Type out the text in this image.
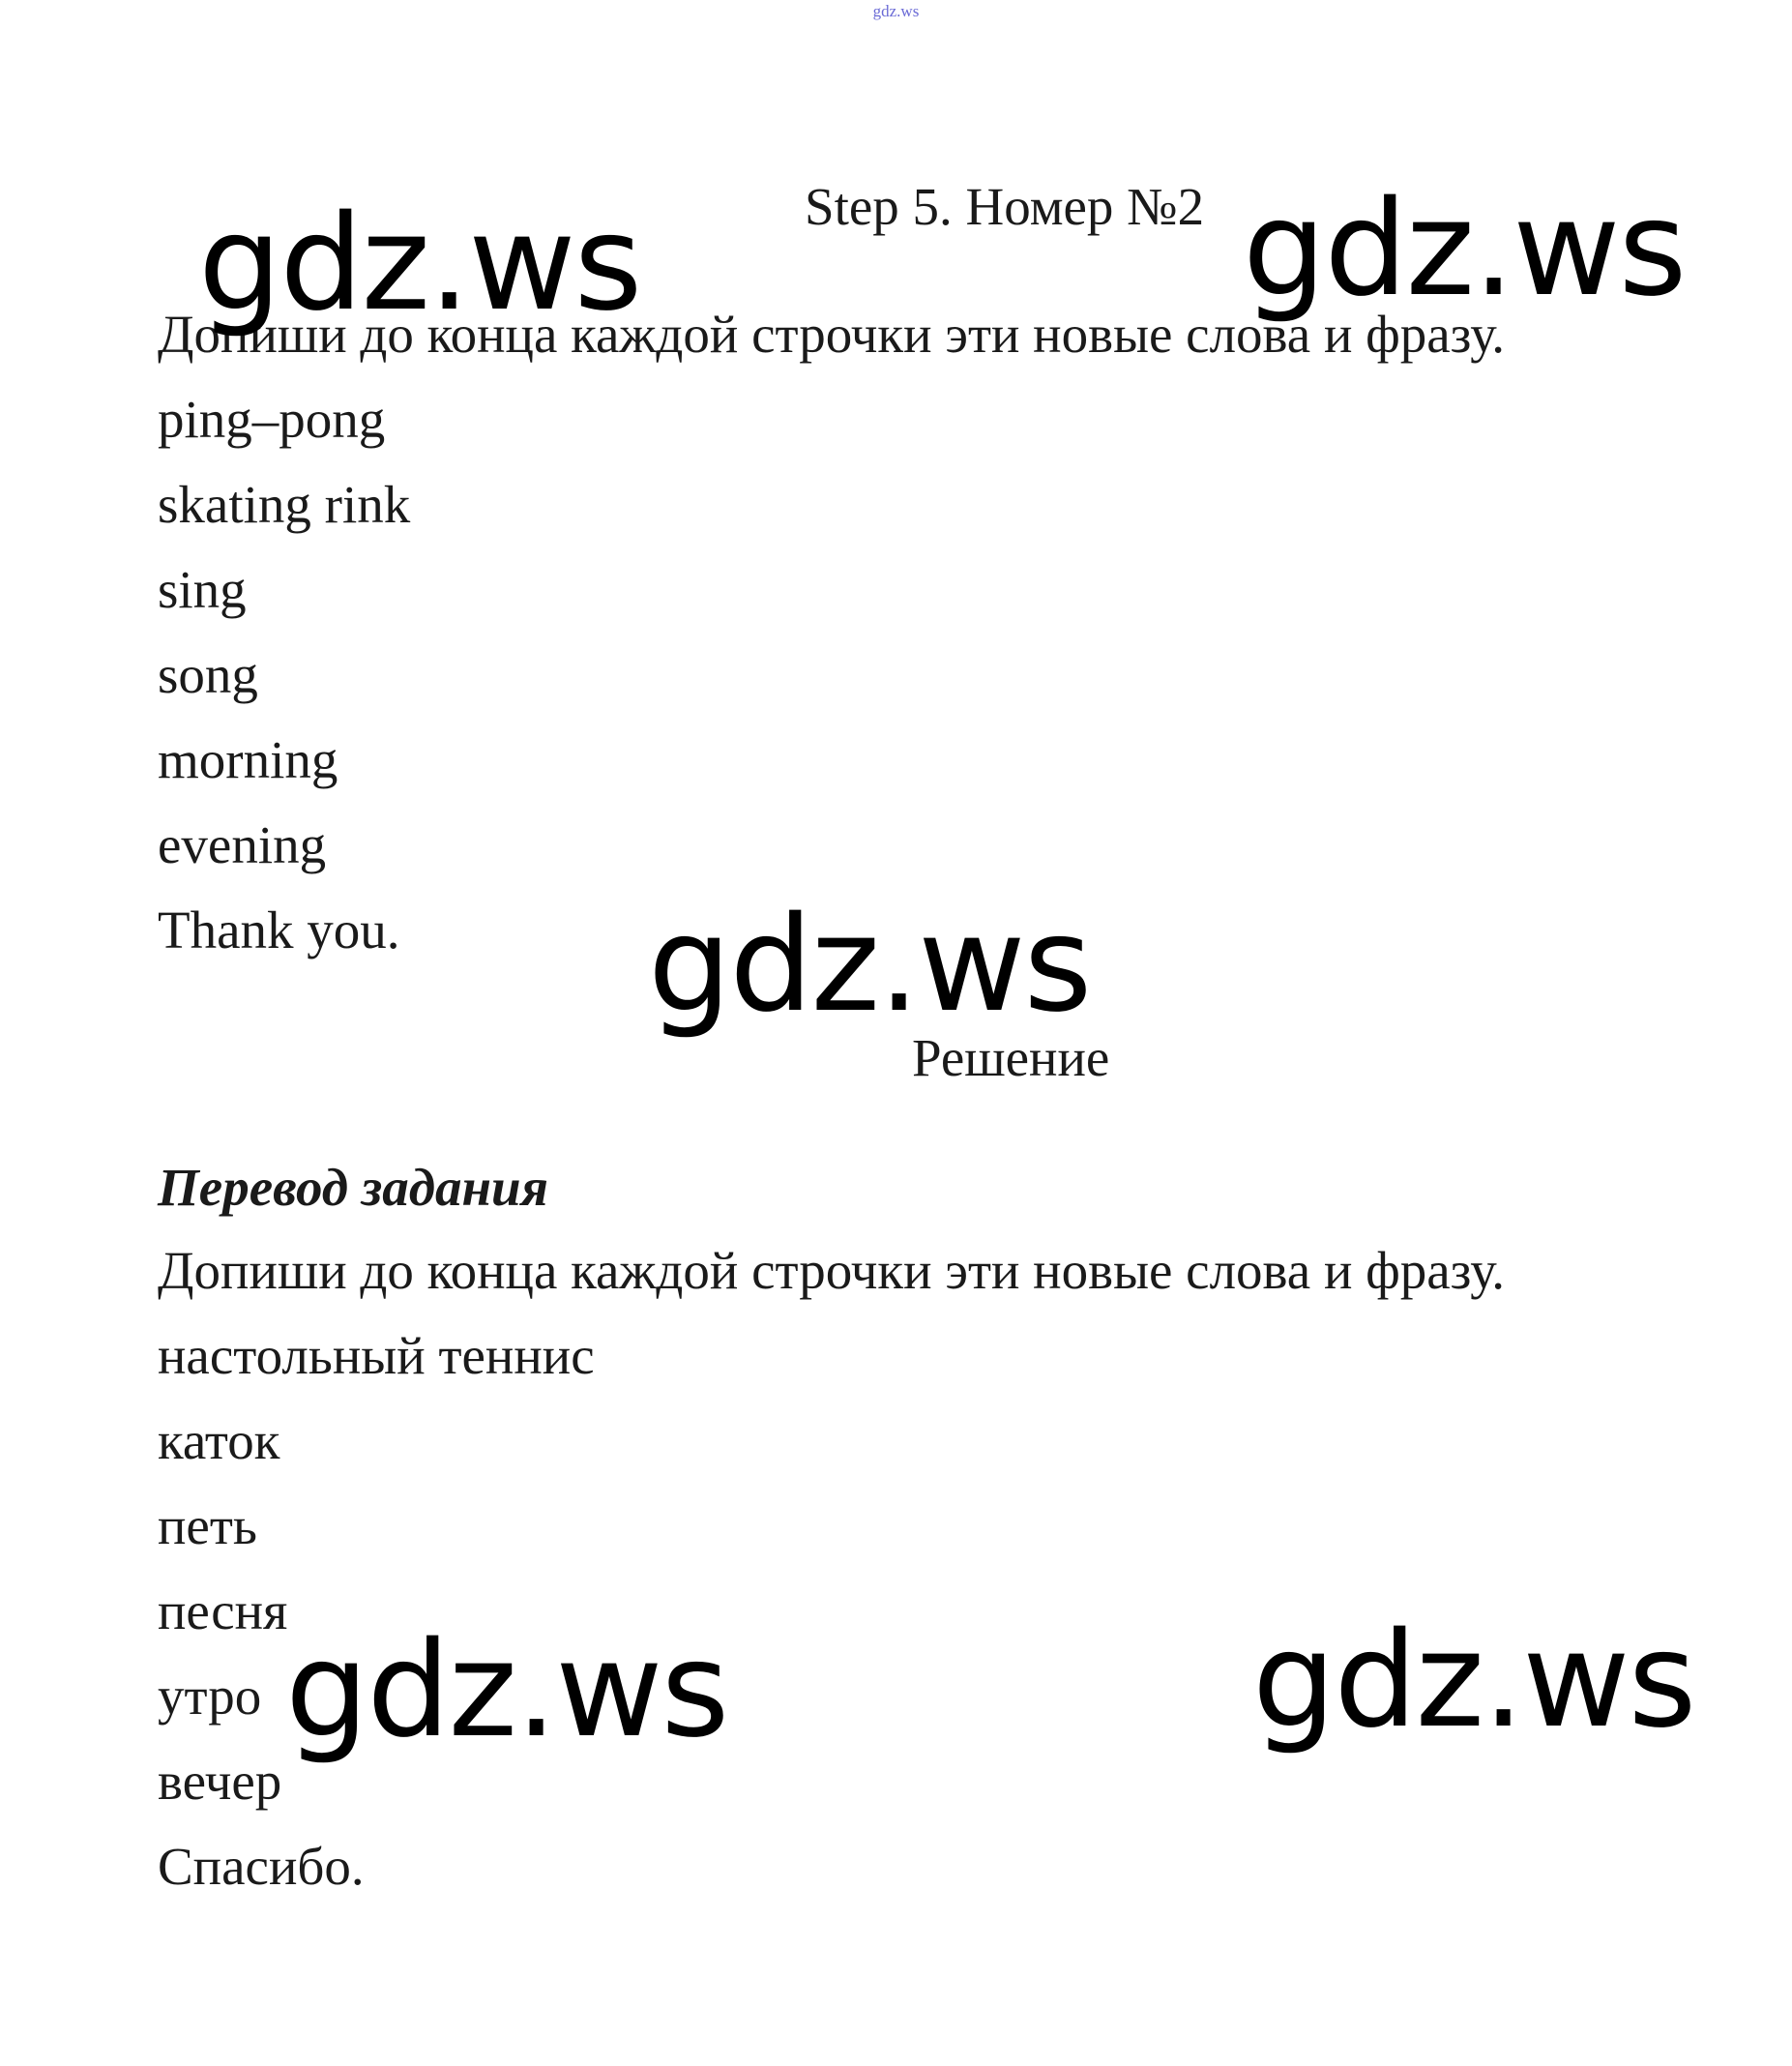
gdz.ws
Step 5. Номер №2
Допиши до конца каждой строчки эти новые слова и фразу.
ping–pong
skating rink
sing
song
morning
evening
Thank you.
Решение
Перевод задания
Допиши до конца каждой строчки эти новые слова и фразу.
настольный теннис
каток
петь
песня
утро
вечер
Спасибо.
gdz.ws	gdz.ws
gdz.ws
gdz.ws	gdz.ws
